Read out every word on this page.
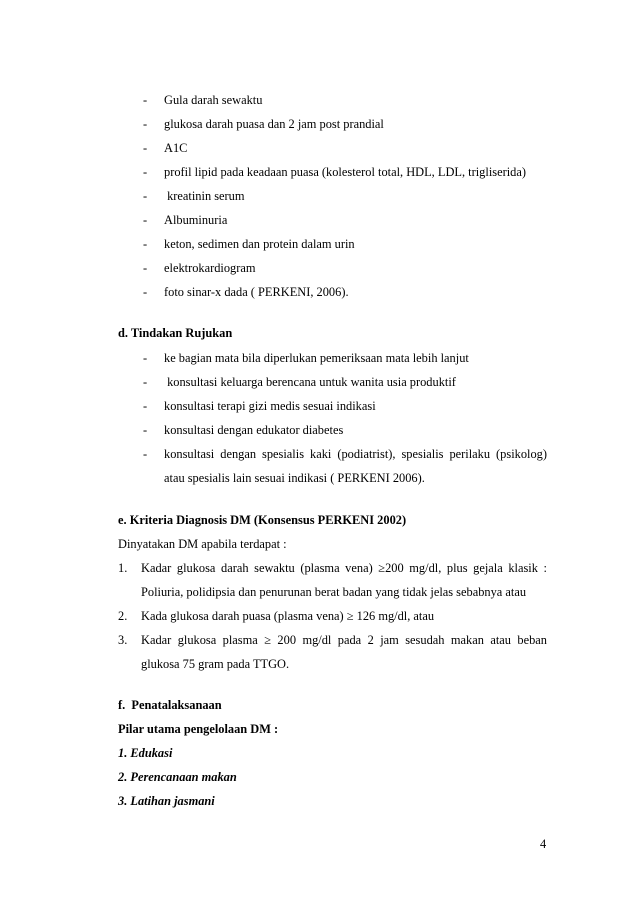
- Gula darah sewaktu
- glukosa darah puasa dan 2 jam post prandial
- A1C
- profil lipid pada keadaan puasa (kolesterol total, HDL, LDL, trigliserida)
- kreatinin serum
- Albuminuria
- keton, sedimen dan protein dalam urin
- elektrokardiogram
- foto sinar-x dada ( PERKENI, 2006).
d. Tindakan Rujukan
- ke bagian mata bila diperlukan pemeriksaan mata lebih lanjut
- konsultasi keluarga berencana untuk wanita usia produktif
- konsultasi terapi gizi medis sesuai indikasi
- konsultasi dengan edukator diabetes
- konsultasi dengan spesialis kaki (podiatrist), spesialis perilaku (psikolog)
atau spesialis lain sesuai indikasi ( PERKENI 2006).
e. Kriteria Diagnosis DM (Konsensus PERKENI 2002)
Dinyatakan DM apabila terdapat :
1. Kadar glukosa darah sewaktu (plasma vena) ≥200 mg/dl, plus gejala klasik :
Poliuria, polidipsia dan penurunan berat badan yang tidak jelas sebabnya atau
2. Kada glukosa darah puasa (plasma vena) ≥ 126 mg/dl, atau
3. Kadar glukosa plasma ≥ 200 mg/dl pada 2 jam sesudah makan atau beban
glukosa 75 gram pada TTGO.
f.  Penatalaksanaan
Pilar utama pengelolaan DM :
1. Edukasi
2. Perencanaan makan
3. Latihan jasmani
4
